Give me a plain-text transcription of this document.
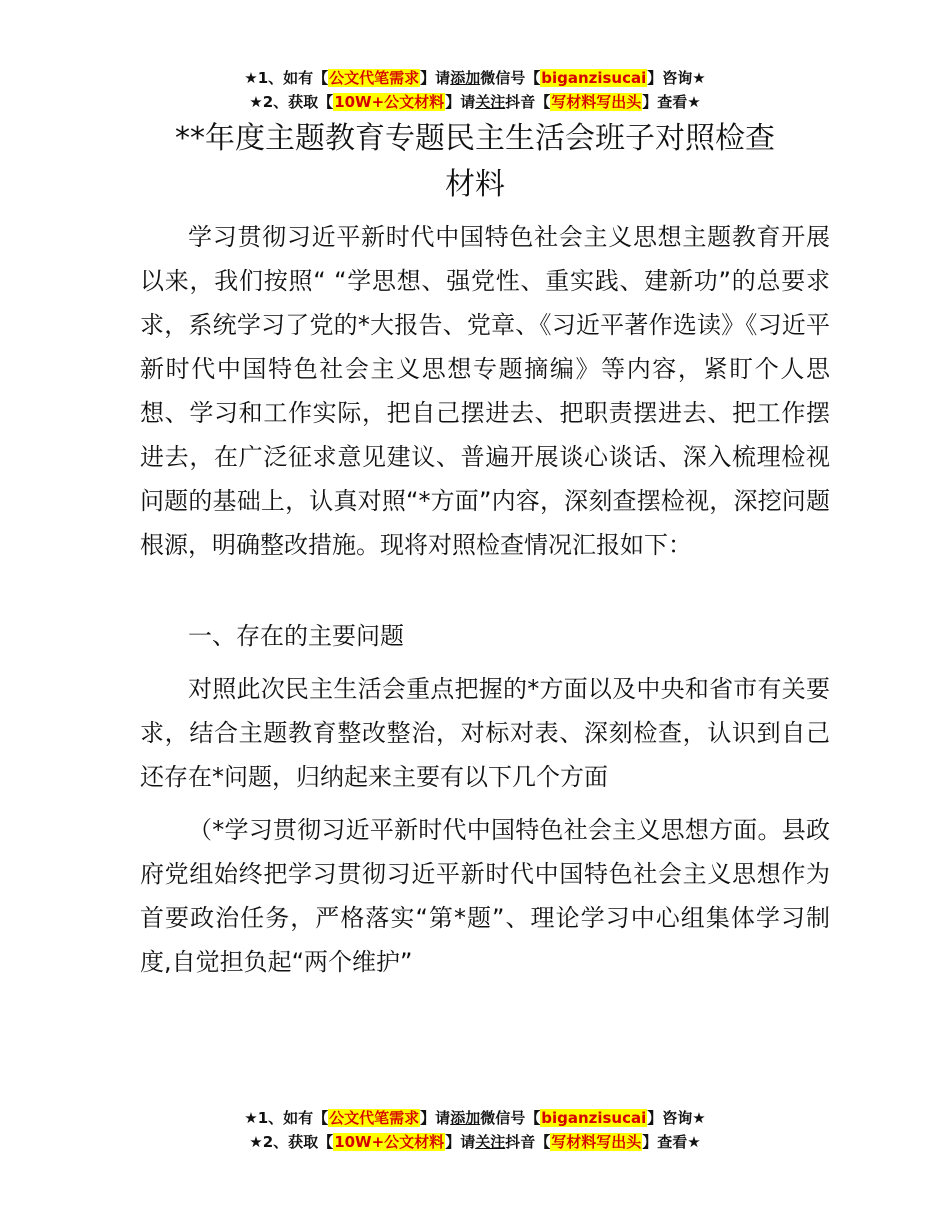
★1、如有【公文代笔需求】请添加微信号【biganzisucai】咨询★
★2、获取【10W+公文材料】请关注抖音【写材料写出头】查看★
**年度主题教育专题民主生活会班子对照检查
材料

学习贯彻习近平新时代中国特色社会主义思想主题教育开展以来，我们按照“ “学思想、强党性、重实践、建新功”的总要求求，系统学习了党的*大报告、党章、《习近平著作选读》《习近平新时代中国特色社会主义思想专题摘编》等内容，紧盯个人思想、学习和工作实际，把自己摆进去、把职责摆进去、把工作摆进去，在广泛征求意见建议、普遍开展谈心谈话、深入梳理检视问题的基础上，认真对照“*方面”内容，深刻查摆检视，深挖问题根源，明确整改措施。现将对照检查情况汇报如下：

一、存在的主要问题

对照此次民主生活会重点把握的*方面以及中央和省市有关要求，结合主题教育整改整治，对标对表、深刻检查，认识到自己还存在*问题，归纳起来主要有以下几个方面

（*学习贯彻习近平新时代中国特色社会主义思想方面。县政府党组始终把学习贯彻习近平新时代中国特色社会主义思想作为首要政治任务，严格落实“第*题”、理论学习中心组集体学习制度,自觉担负起“两个维护”

★1、如有【公文代笔需求】请添加微信号【biganzisucai】咨询★
★2、获取【10W+公文材料】请关注抖音【写材料写出头】查看★
